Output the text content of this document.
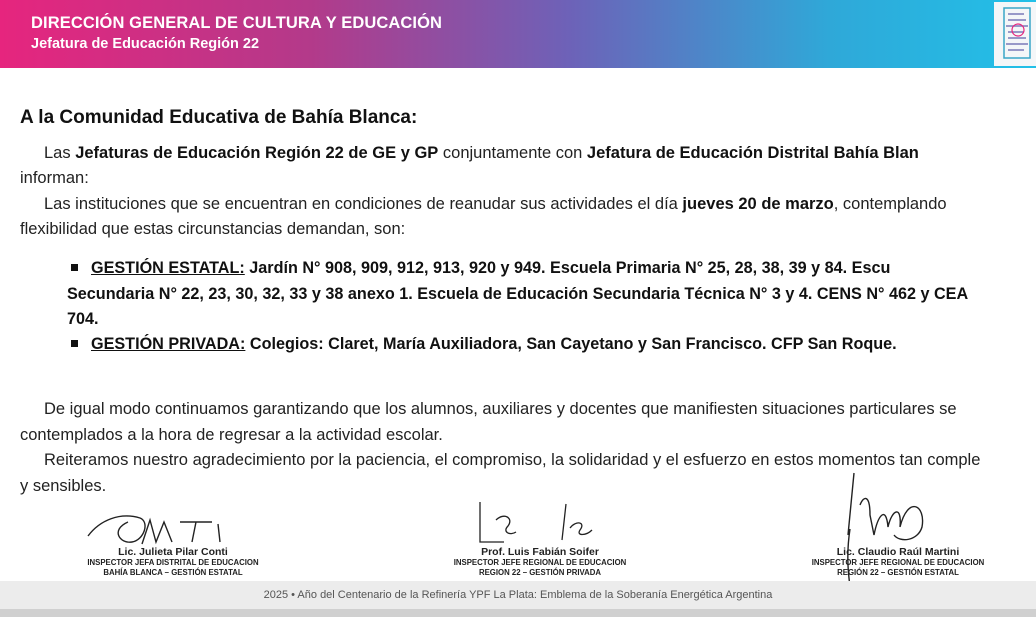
DIRECCIÓN GENERAL DE CULTURA Y EDUCACIÓN
Jefatura de Educación Región 22
A la Comunidad Educativa de Bahía Blanca:
Las Jefaturas de Educación Región 22 de GE y GP conjuntamente con Jefatura de Educación Distrital Bahía Blan
informan:
Las instituciones que se encuentran en condiciones de reanudar sus actividades el día jueves 20 de marzo, contemplando
flexibilidad que estas circunstancias demandan, son:
GESTIÓN ESTATAL: Jardín N° 908, 909, 912, 913, 920 y 949. Escuela Primaria N° 25, 28, 38, 39 y 84. Escu
Secundaria N° 22, 23, 30, 32, 33 y 38 anexo 1. Escuela de Educación Secundaria Técnica N° 3 y 4. CENS N° 462 y CEA
704.
GESTIÓN PRIVADA: Colegios: Claret, María Auxiliadora, San Cayetano y San Francisco. CFP San Roque.
De igual modo continuamos garantizando que los alumnos, auxiliares y docentes que manifiesten situaciones particulares se
contemplados a la hora de regresar a la actividad escolar.
Reiteramos nuestro agradecimiento por la paciencia, el compromiso, la solidaridad y el esfuerzo en estos momentos tan comple
y sensibles.
Lic. Julieta Pilar Conti
INSPECTOR JEFA DISTRITAL DE EDUCACION
BAHÍA BLANCA – GESTIÓN ESTATAL
Prof. Luis Fabián Soifer
INSPECTOR JEFE REGIONAL DE EDUCACION
REGION 22 – GESTIÓN PRIVADA
Lic. Claudio Raúl Martini
INSPECTOR JEFE REGIONAL DE EDUCACION
REGIÓN 22 – GESTIÓN ESTATAL
2025 • Año del Centenario de la Refinería YPF La Plata: Emblema de la Soberanía Energética Argentina
